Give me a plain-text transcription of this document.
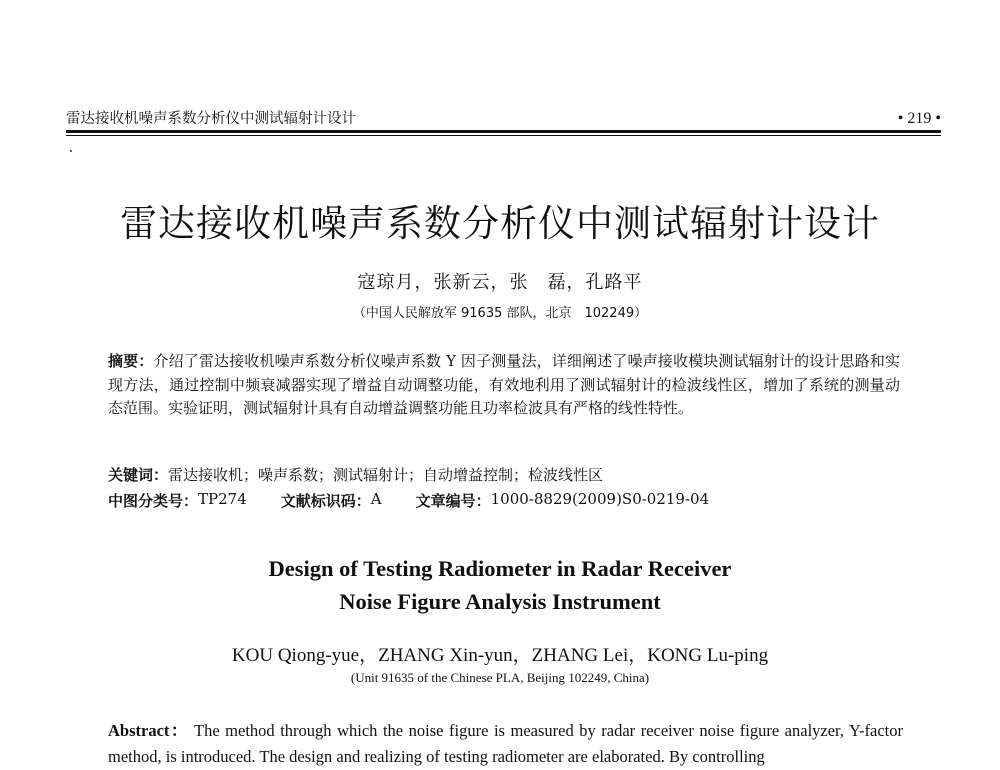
雷达接收机噪声系数分析仪中测试辐射计设计	• 219 •
雷达接收机噪声系数分析仪中测试辐射计设计
寇琼月，张新云，张　磊，孔路平
（中国人民解放军 91635 部队，北京　102249）
摘要：介绍了雷达接收机噪声系数分析仪噪声系数 Y 因子测量法，详细阐述了噪声接收模块测试辐射计的设计思路和实现方法，通过控制中频衰减器实现了增益自动调整功能，有效地利用了测试辐射计的检波线性区，增加了系统的测量动态范围。实验证明，测试辐射计具有自动增益调整功能且功率检波具有严格的线性特性。
关键词：雷达接收机；噪声系数；测试辐射计；自动增益控制；检波线性区
中图分类号： TP274 文献标识码： A 文章编号： 1000-8829(2009)S0-0219-04
Design of Testing Radiometer in Radar Receiver
Noise Figure Analysis Instrument
KOU Qiong-yue，ZHANG Xin-yun，ZHANG Lei，KONG Lu-ping
(Unit 91635 of the Chinese PLA, Beijing 102249, China)
Abstract： The method through which the noise figure is measured by radar receiver noise figure analyzer, Y-factor method, is introduced. The design and realizing of testing radiometer are elaborated. By controlling
